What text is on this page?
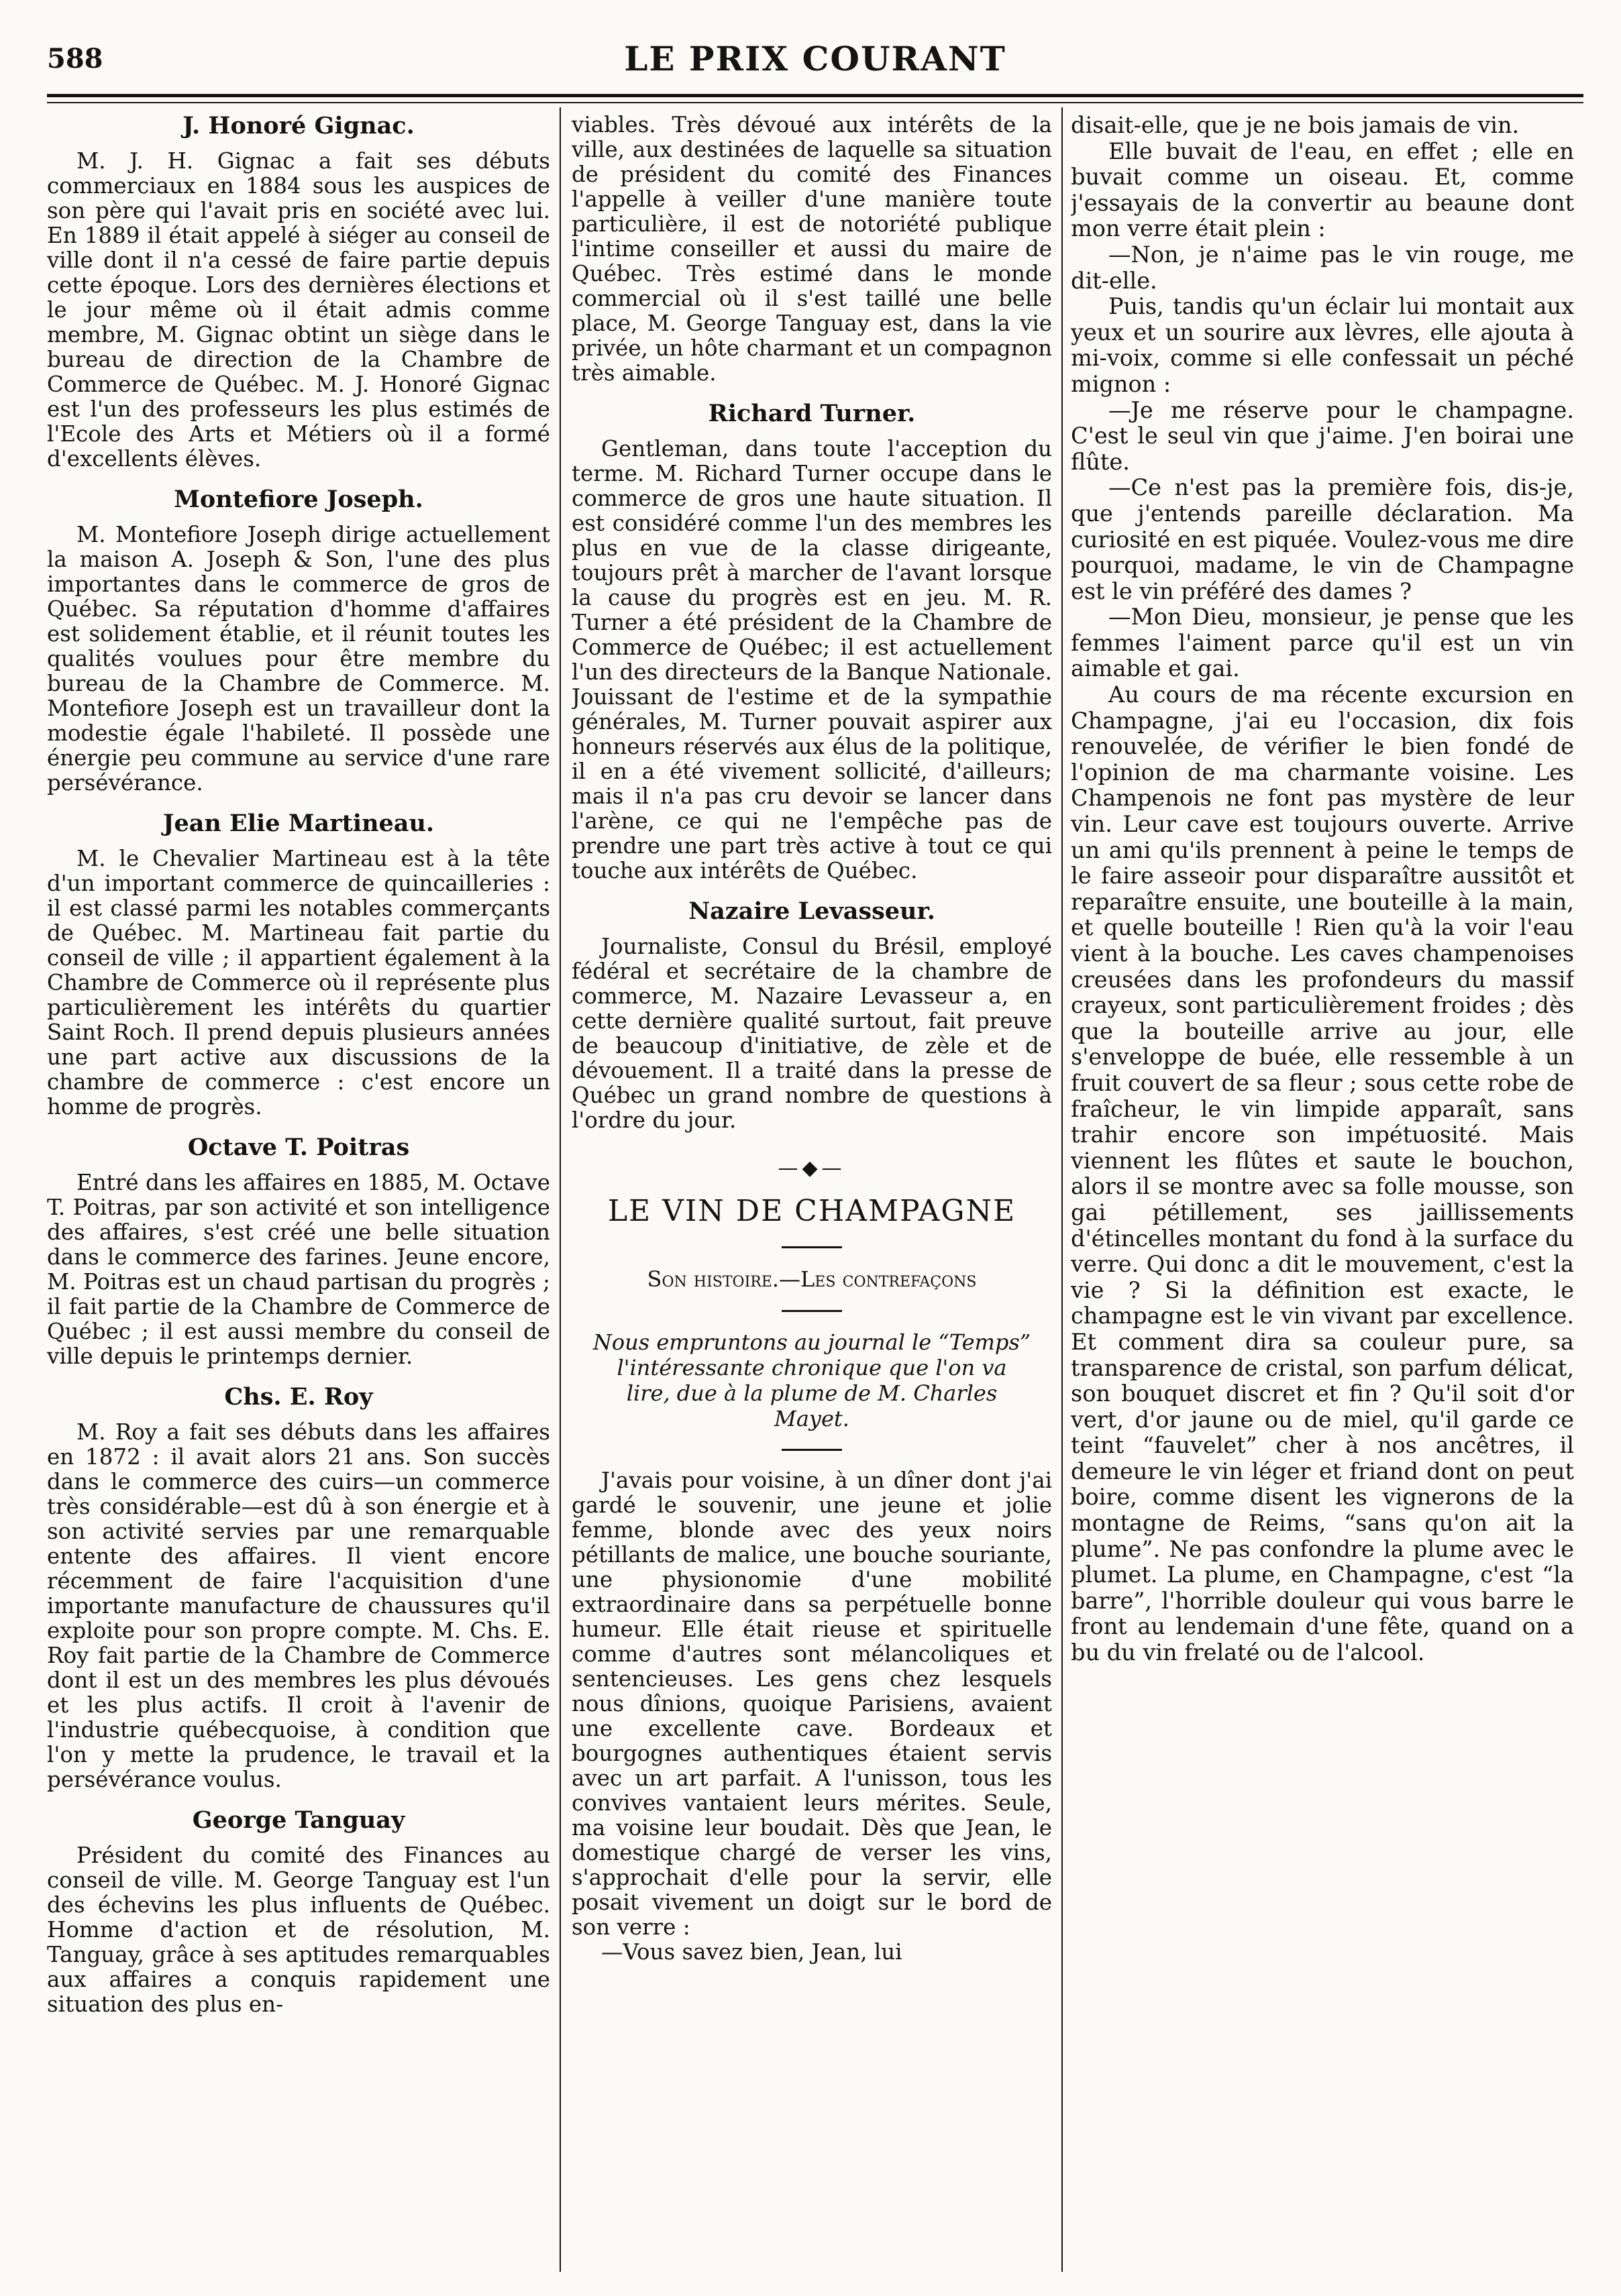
588	LE PRIX COURANT
J. Honoré Gignac.

M. J. H. Gignac a fait ses débuts commerciaux en 1884 sous les auspices de son père qui l'avait pris en société avec lui. En 1889 il était appelé à siéger au conseil de ville dont il n'a cessé de faire partie depuis cette époque. Lors des dernières élections et le jour même où il était admis comme membre, M. Gignac obtint un siège dans le bureau de direction de la Chambre de Commerce de Québec. M. J. Honoré Gignac est l'un des professeurs les plus estimés de l'Ecole des Arts et Métiers où il a formé d'excellents élèves.

Montefiore Joseph.

M. Montefiore Joseph dirige actuellement la maison A. Joseph & Son, l'une des plus importantes dans le commerce de gros de Québec. Sa réputation d'homme d'affaires est solidement établie, et il réunit toutes les qualités voulues pour être membre du bureau de la Chambre de Commerce. M. Montefiore Joseph est un travailleur dont la modestie égale l'habileté. Il possède une énergie peu commune au service d'une rare persévérance.

Jean Elie Martineau.

M. le Chevalier Martineau est à la tête d'un important commerce de quincailleries : il est classé parmi les notables commerçants de Québec. M. Martineau fait partie du conseil de ville ; il appartient également à la Chambre de Commerce où il représente plus particulièrement les intérêts du quartier Saint Roch. Il prend depuis plusieurs années une part active aux discussions de la chambre de commerce : c'est encore un homme de progrès.

Octave T. Poitras

Entré dans les affaires en 1885, M. Octave T. Poitras, par son activité et son intelligence des affaires, s'est créé une belle situation dans le commerce des farines. Jeune encore, M. Poitras est un chaud partisan du progrès ; il fait partie de la Chambre de Commerce de Québec ; il est aussi membre du conseil de ville depuis le printemps dernier.

Chs. E. Roy

M. Roy a fait ses débuts dans les affaires en 1872 : il avait alors 21 ans. Son succès dans le commerce des cuirs—un commerce très considérable—est dû à son énergie et à son activité servies par une remarquable entente des affaires. Il vient encore récemment de faire l'acquisition d'une importante manufacture de chaussures qu'il exploite pour son propre compte. M. Chs. E. Roy fait partie de la Chambre de Commerce dont il est un des membres les plus dévoués et les plus actifs. Il croit à l'avenir de l'industrie québecquoise, à condition que l'on y mette la prudence, le travail et la persévérance voulus.

George Tanguay

Président du comité des Finances au conseil de ville. M. George Tanguay est l'un des échevins les plus influents de Québec. Homme d'action et de résolution, M. Tanguay, grâce à ses aptitudes remarquables aux affaires a conquis rapidement une situation des plus en-

viables. Très dévoué aux intérêts de la ville, aux destinées de laquelle sa situation de président du comité des Finances l'appelle à veiller d'une manière toute particulière, il est de notoriété publique l'intime conseiller et aussi du maire de Québec. Très estimé dans le monde commercial où il s'est taillé une belle place, M. George Tanguay est, dans la vie privée, un hôte charmant et un compagnon très aimable.

Richard Turner.

Gentleman, dans toute l'acception du terme. M. Richard Turner occupe dans le commerce de gros une haute situation. Il est considéré comme l'un des membres les plus en vue de la classe dirigeante, toujours prêt à marcher de l'avant lorsque la cause du progrès est en jeu. M. R. Turner a été président de la Chambre de Commerce de Québec; il est actuellement l'un des directeurs de la Banque Nationale. Jouissant de l'estime et de la sympathie générales, M. Turner pouvait aspirer aux honneurs réservés aux élus de la politique, il en a été vivement sollicité, d'ailleurs; mais il n'a pas cru devoir se lancer dans l'arène, ce qui ne l'empêche pas de prendre une part très active à tout ce qui touche aux intérêts de Québec.

Nazaire Levasseur.

Journaliste, Consul du Brésil, employé fédéral et secrétaire de la chambre de commerce, M. Nazaire Levasseur a, en cette dernière qualité surtout, fait preuve de beaucoup d'initiative, de zèle et de dévouement. Il a traité dans la presse de Québec un grand nombre de questions à l'ordre du jour.

—◆—
LE VIN DE CHAMPAGNE
Son histoire.—Les contrefaçons
Nous empruntons au journal le “Temps” l'intéressante chronique que l'on va lire, due à la plume de M. Charles Mayet.

J'avais pour voisine, à un dîner dont j'ai gardé le souvenir, une jeune et jolie femme, blonde avec des yeux noirs pétillants de malice, une bouche souriante, une physionomie d'une mobilité extraordinaire dans sa perpétuelle bonne humeur. Elle était rieuse et spirituelle comme d'autres sont mélancoliques et sentencieuses. Les gens chez lesquels nous dînions, quoique Parisiens, avaient une excellente cave. Bordeaux et bourgognes authentiques étaient servis avec un art parfait. A l'unisson, tous les convives vantaient leurs mérites. Seule, ma voisine leur boudait. Dès que Jean, le domestique chargé de verser les vins, s'approchait d'elle pour la servir, elle posait vivement un doigt sur le bord de son verre :

—Vous savez bien, Jean, lui

disait-elle, que je ne bois jamais de vin.

Elle buvait de l'eau, en effet ; elle en buvait comme un oiseau. Et, comme j'essayais de la convertir au beaune dont mon verre était plein :

—Non, je n'aime pas le vin rouge, me dit-elle.

Puis, tandis qu'un éclair lui montait aux yeux et un sourire aux lèvres, elle ajouta à mi-voix, comme si elle confessait un péché mignon :

—Je me réserve pour le champagne. C'est le seul vin que j'aime. J'en boirai une flûte.

—Ce n'est pas la première fois, dis-je, que j'entends pareille déclaration. Ma curiosité en est piquée. Voulez-vous me dire pourquoi, madame, le vin de Champagne est le vin préféré des dames ?

—Mon Dieu, monsieur, je pense que les femmes l'aiment parce qu'il est un vin aimable et gai.

Au cours de ma récente excursion en Champagne, j'ai eu l'occasion, dix fois renouvelée, de vérifier le bien fondé de l'opinion de ma charmante voisine. Les Champenois ne font pas mystère de leur vin. Leur cave est toujours ouverte. Arrive un ami qu'ils prennent à peine le temps de le faire asseoir pour disparaître aussitôt et reparaître ensuite, une bouteille à la main, et quelle bouteille ! Rien qu'à la voir l'eau vient à la bouche. Les caves champenoises creusées dans les profondeurs du massif crayeux, sont particulièrement froides ; dès que la bouteille arrive au jour, elle s'enveloppe de buée, elle ressemble à un fruit couvert de sa fleur ; sous cette robe de fraîcheur, le vin limpide apparaît, sans trahir encore son impétuosité. Mais viennent les flûtes et saute le bouchon, alors il se montre avec sa folle mousse, son gai pétillement, ses jaillissements d'étincelles montant du fond à la surface du verre. Qui donc a dit le mouvement, c'est la vie ? Si la définition est exacte, le champagne est le vin vivant par excellence. Et comment dira sa couleur pure, sa transparence de cristal, son parfum délicat, son bouquet discret et fin ? Qu'il soit d'or vert, d'or jaune ou de miel, qu'il garde ce teint “fauvelet” cher à nos ancêtres, il demeure le vin léger et friand dont on peut boire, comme disent les vignerons de la montagne de Reims, “sans qu'on ait la plume”. Ne pas confondre la plume avec le plumet. La plume, en Champagne, c'est “la barre”, l'horrible douleur qui vous barre le front au lendemain d'une fête, quand on a bu du vin frelaté ou de l'alcool.
